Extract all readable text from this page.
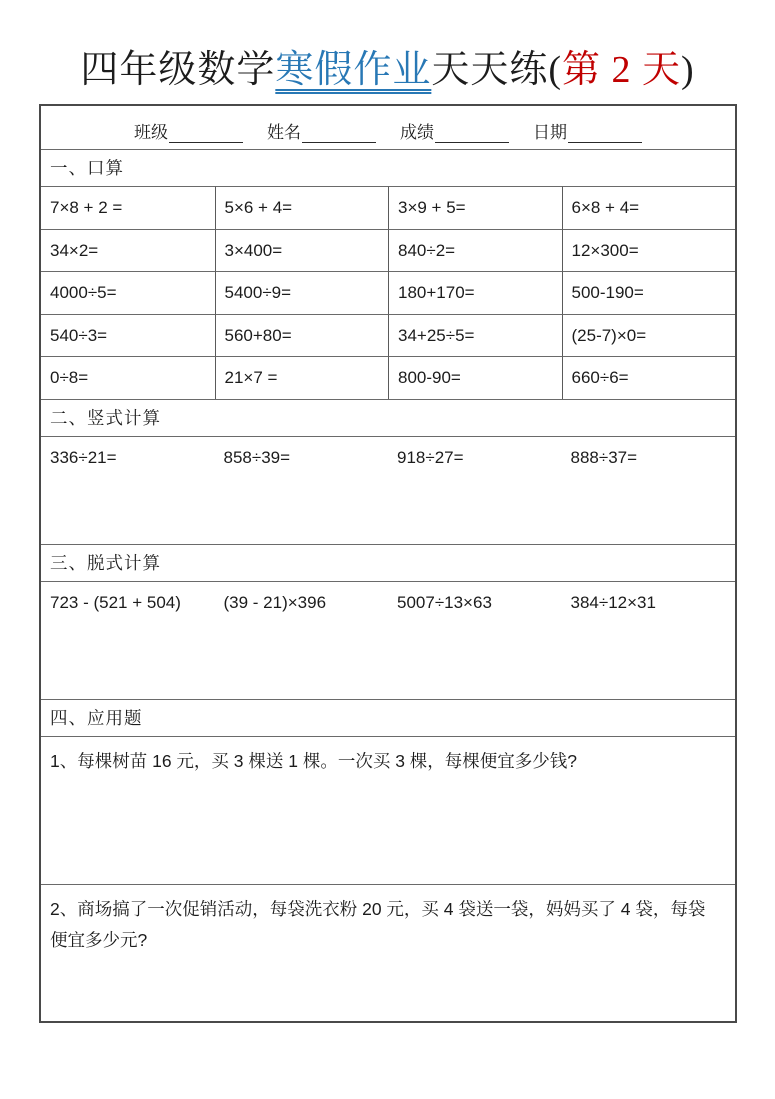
四年级数学寒假作业天天练(第 2 天)
班级	姓名	成绩	日期
一、口算
7×8 + 2 =	5×6 + 4=	3×9 + 5=	6×8 + 4=
34×2=	3×400=	840÷2=	12×300=
4000÷5=	5400÷9=	180+170=	500-190=
540÷3=	560+80=	34+25÷5=	(25-7)×0=
0÷8=	21×7 =	800-90=	660÷6=
二、竖式计算
336÷21=	858÷39=	918÷27=	888÷37=
三、脱式计算
723 - (521 + 504)	(39 - 21)×396	5007÷13×63	384÷12×31
四、应用题
1、每棵树苗 16 元，买 3 棵送 1 棵。一次买 3 棵，每棵便宜多少钱?
2、商场搞了一次促销活动，每袋洗衣粉 20 元，买 4 袋送一袋，妈妈买了 4 袋，每袋便宜多少元?
